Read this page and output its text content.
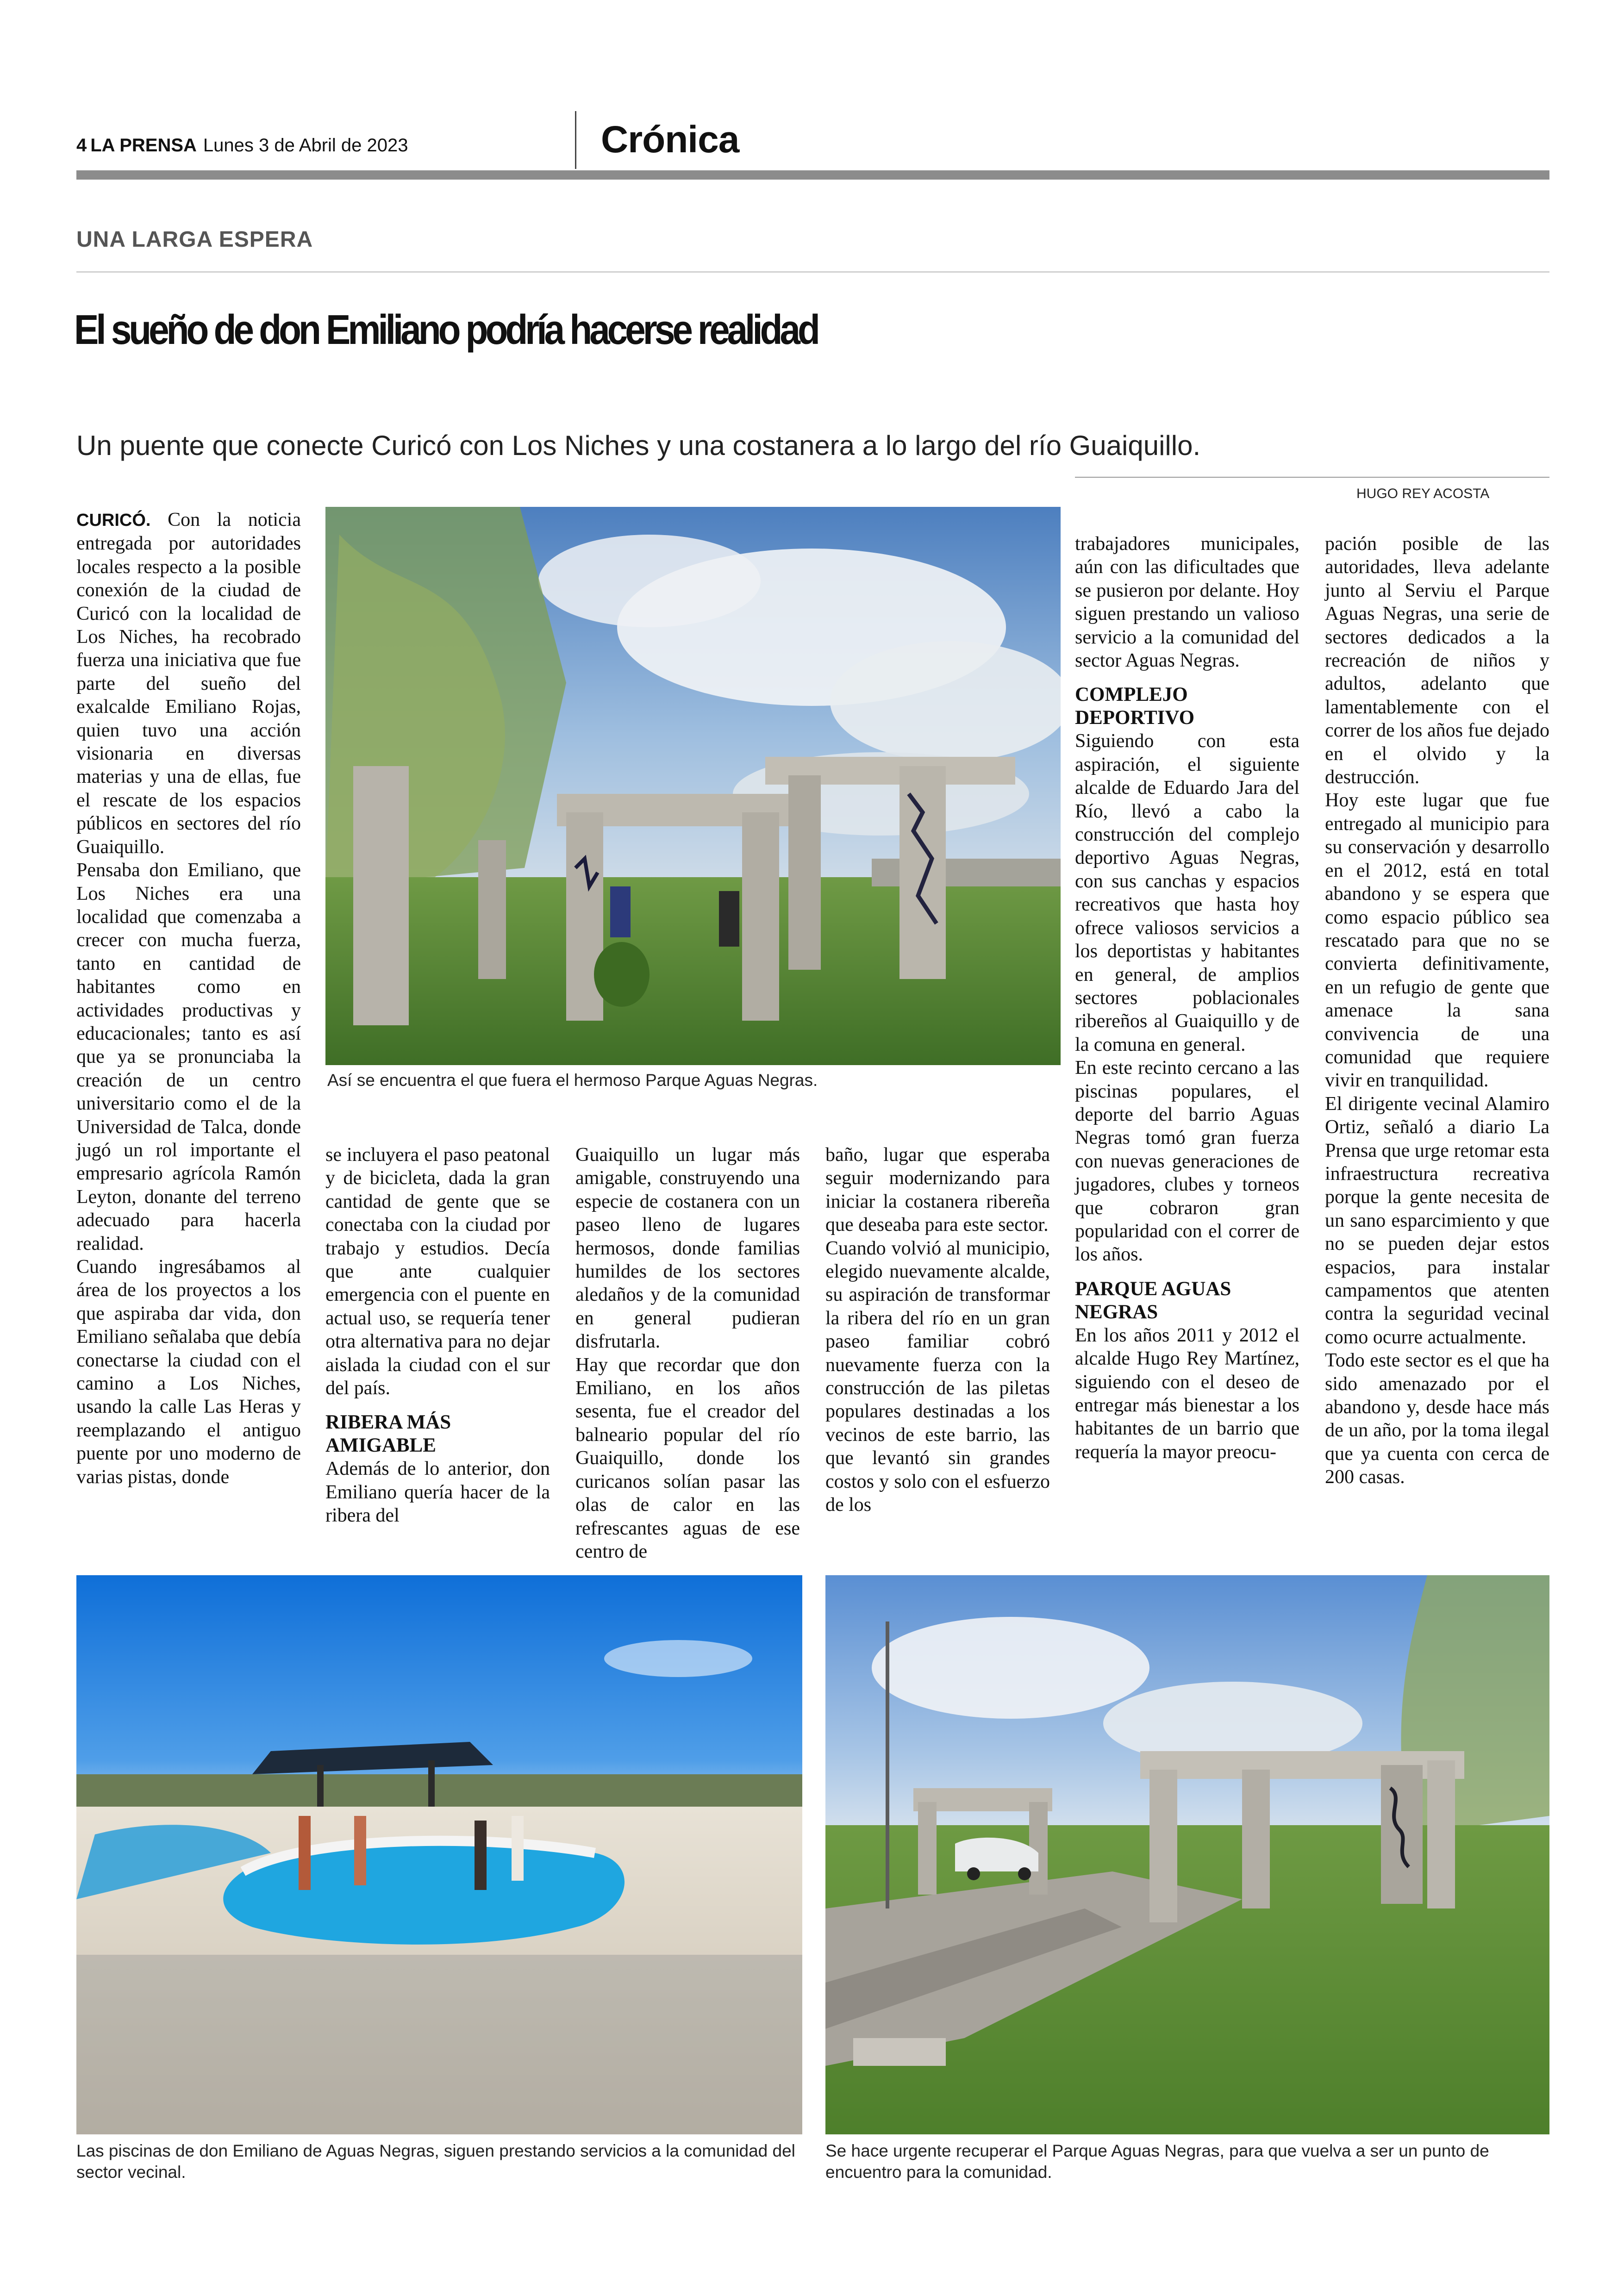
4 LA PRENSA Lunes 3 de Abril de 2023	Crónica
UNA LARGA ESPERA
El sueño de don Emiliano podría hacerse realidad
Un puente que conecte Curicó con Los Niches y una costanera a lo largo del río Guaiquillo.
HUGO REY ACOSTA

CURICÓ. Con la noticia entregada por autoridades locales respecto a la posible conexión de la ciudad de Curicó con la localidad de Los Niches, ha recobrado fuerza una iniciativa que fue parte del sueño del exalcalde Emiliano Rojas, quien tuvo una acción visionaria en diversas materias y una de ellas, fue el rescate de los espacios públicos en sectores del río Guaiquillo.

Pensaba don Emiliano, que Los Niches era una localidad que comenzaba a crecer con mucha fuerza, tanto en cantidad de habitantes como en actividades productivas y educacionales; tanto es así que ya se pronunciaba la creación de un centro universitario como el de la Universidad de Talca, donde jugó un rol importante el empresario agrícola Ramón Leyton, donante del terreno adecuado para hacerla realidad.

Cuando ingresábamos al área de los proyectos a los que aspiraba dar vida, don Emiliano señalaba que debía conectarse la ciudad con el camino a Los Niches, usando la calle Las Heras y reemplazando el antiguo puente por uno moderno de varias pistas, donde

Así se encuentra el que fuera el hermoso Parque Aguas Negras.

se incluyera el paso peatonal y de bicicleta, dada la gran cantidad de gente que se conectaba con la ciudad por trabajo y estudios. Decía que ante cualquier emergencia con el puente en actual uso, se requería tener otra alternativa para no dejar aislada la ciudad con el sur del país.

RIBERA MÁS AMIGABLE

Además de lo anterior, don Emiliano quería hacer de la ribera del

Guaiquillo un lugar más amigable, construyendo una especie de costanera con un paseo lleno de lugares hermosos, donde familias humildes de los sectores aledaños y de la comunidad en general pudieran disfrutarla.

Hay que recordar que don Emiliano, en los años sesenta, fue el creador del balneario popular del río Guaiquillo, donde los curicanos solían pasar las olas de calor en las refrescantes aguas de ese centro de

baño, lugar que esperaba seguir modernizando para iniciar la costanera ribereña que deseaba para este sector.

Cuando volvió al municipio, elegido nuevamente alcalde, su aspiración de transformar la ribera del río en un gran paseo familiar cobró nuevamente fuerza con la construcción de las piletas populares destinadas a los vecinos de este barrio, las que levantó sin grandes costos y solo con el esfuerzo de los

trabajadores municipales, aún con las dificultades que se pusieron por delante. Hoy siguen prestando un valioso servicio a la comunidad del sector Aguas Negras.

COMPLEJO DEPORTIVO

Siguiendo con esta aspiración, el siguiente alcalde de Eduardo Jara del Río, llevó a cabo la construcción del complejo deportivo Aguas Negras, con sus canchas y espacios recreativos que hasta hoy ofrece valiosos servicios a los deportistas y habitantes en general, de amplios sectores poblacionales ribereños al Guaiquillo y de la comuna en general.

En este recinto cercano a las piscinas populares, el deporte del barrio Aguas Negras tomó gran fuerza con nuevas generaciones de jugadores, clubes y torneos que cobraron gran popularidad con el correr de los años.

PARQUE AGUAS NEGRAS

En los años 2011 y 2012 el alcalde Hugo Rey Martínez, siguiendo con el deseo de entregar más bienestar a los habitantes de un barrio que requería la mayor preocu-

pación posible de las autoridades, lleva adelante junto al Serviu el Parque Aguas Negras, una serie de sectores dedicados a la recreación de niños y adultos, adelanto que lamentablemente con el correr de los años fue dejado en el olvido y la destrucción.

Hoy este lugar que fue entregado al municipio para su conservación y desarrollo en el 2012, está en total abandono y se espera que como espacio público sea rescatado para que no se convierta definitivamente, en un refugio de gente que amenace la sana convivencia de una comunidad que requiere vivir en tranquilidad.

El dirigente vecinal Alamiro Ortiz, señaló a diario La Prensa que urge retomar esta infraestructura recreativa porque la gente necesita de un sano esparcimiento y que no se pueden dejar estos espacios, para instalar campamentos que atenten contra la seguridad vecinal como ocurre actualmente.

Todo este sector es el que ha sido amenazado por el abandono y, desde hace más de un año, por la toma ilegal que ya cuenta con cerca de 200 casas.

Las piscinas de don Emiliano de Aguas Negras, siguen prestando servicios a la comunidad del sector vecinal.
Se hace urgente recuperar el Parque Aguas Negras, para que vuelva a ser un punto de encuentro para la comunidad.
